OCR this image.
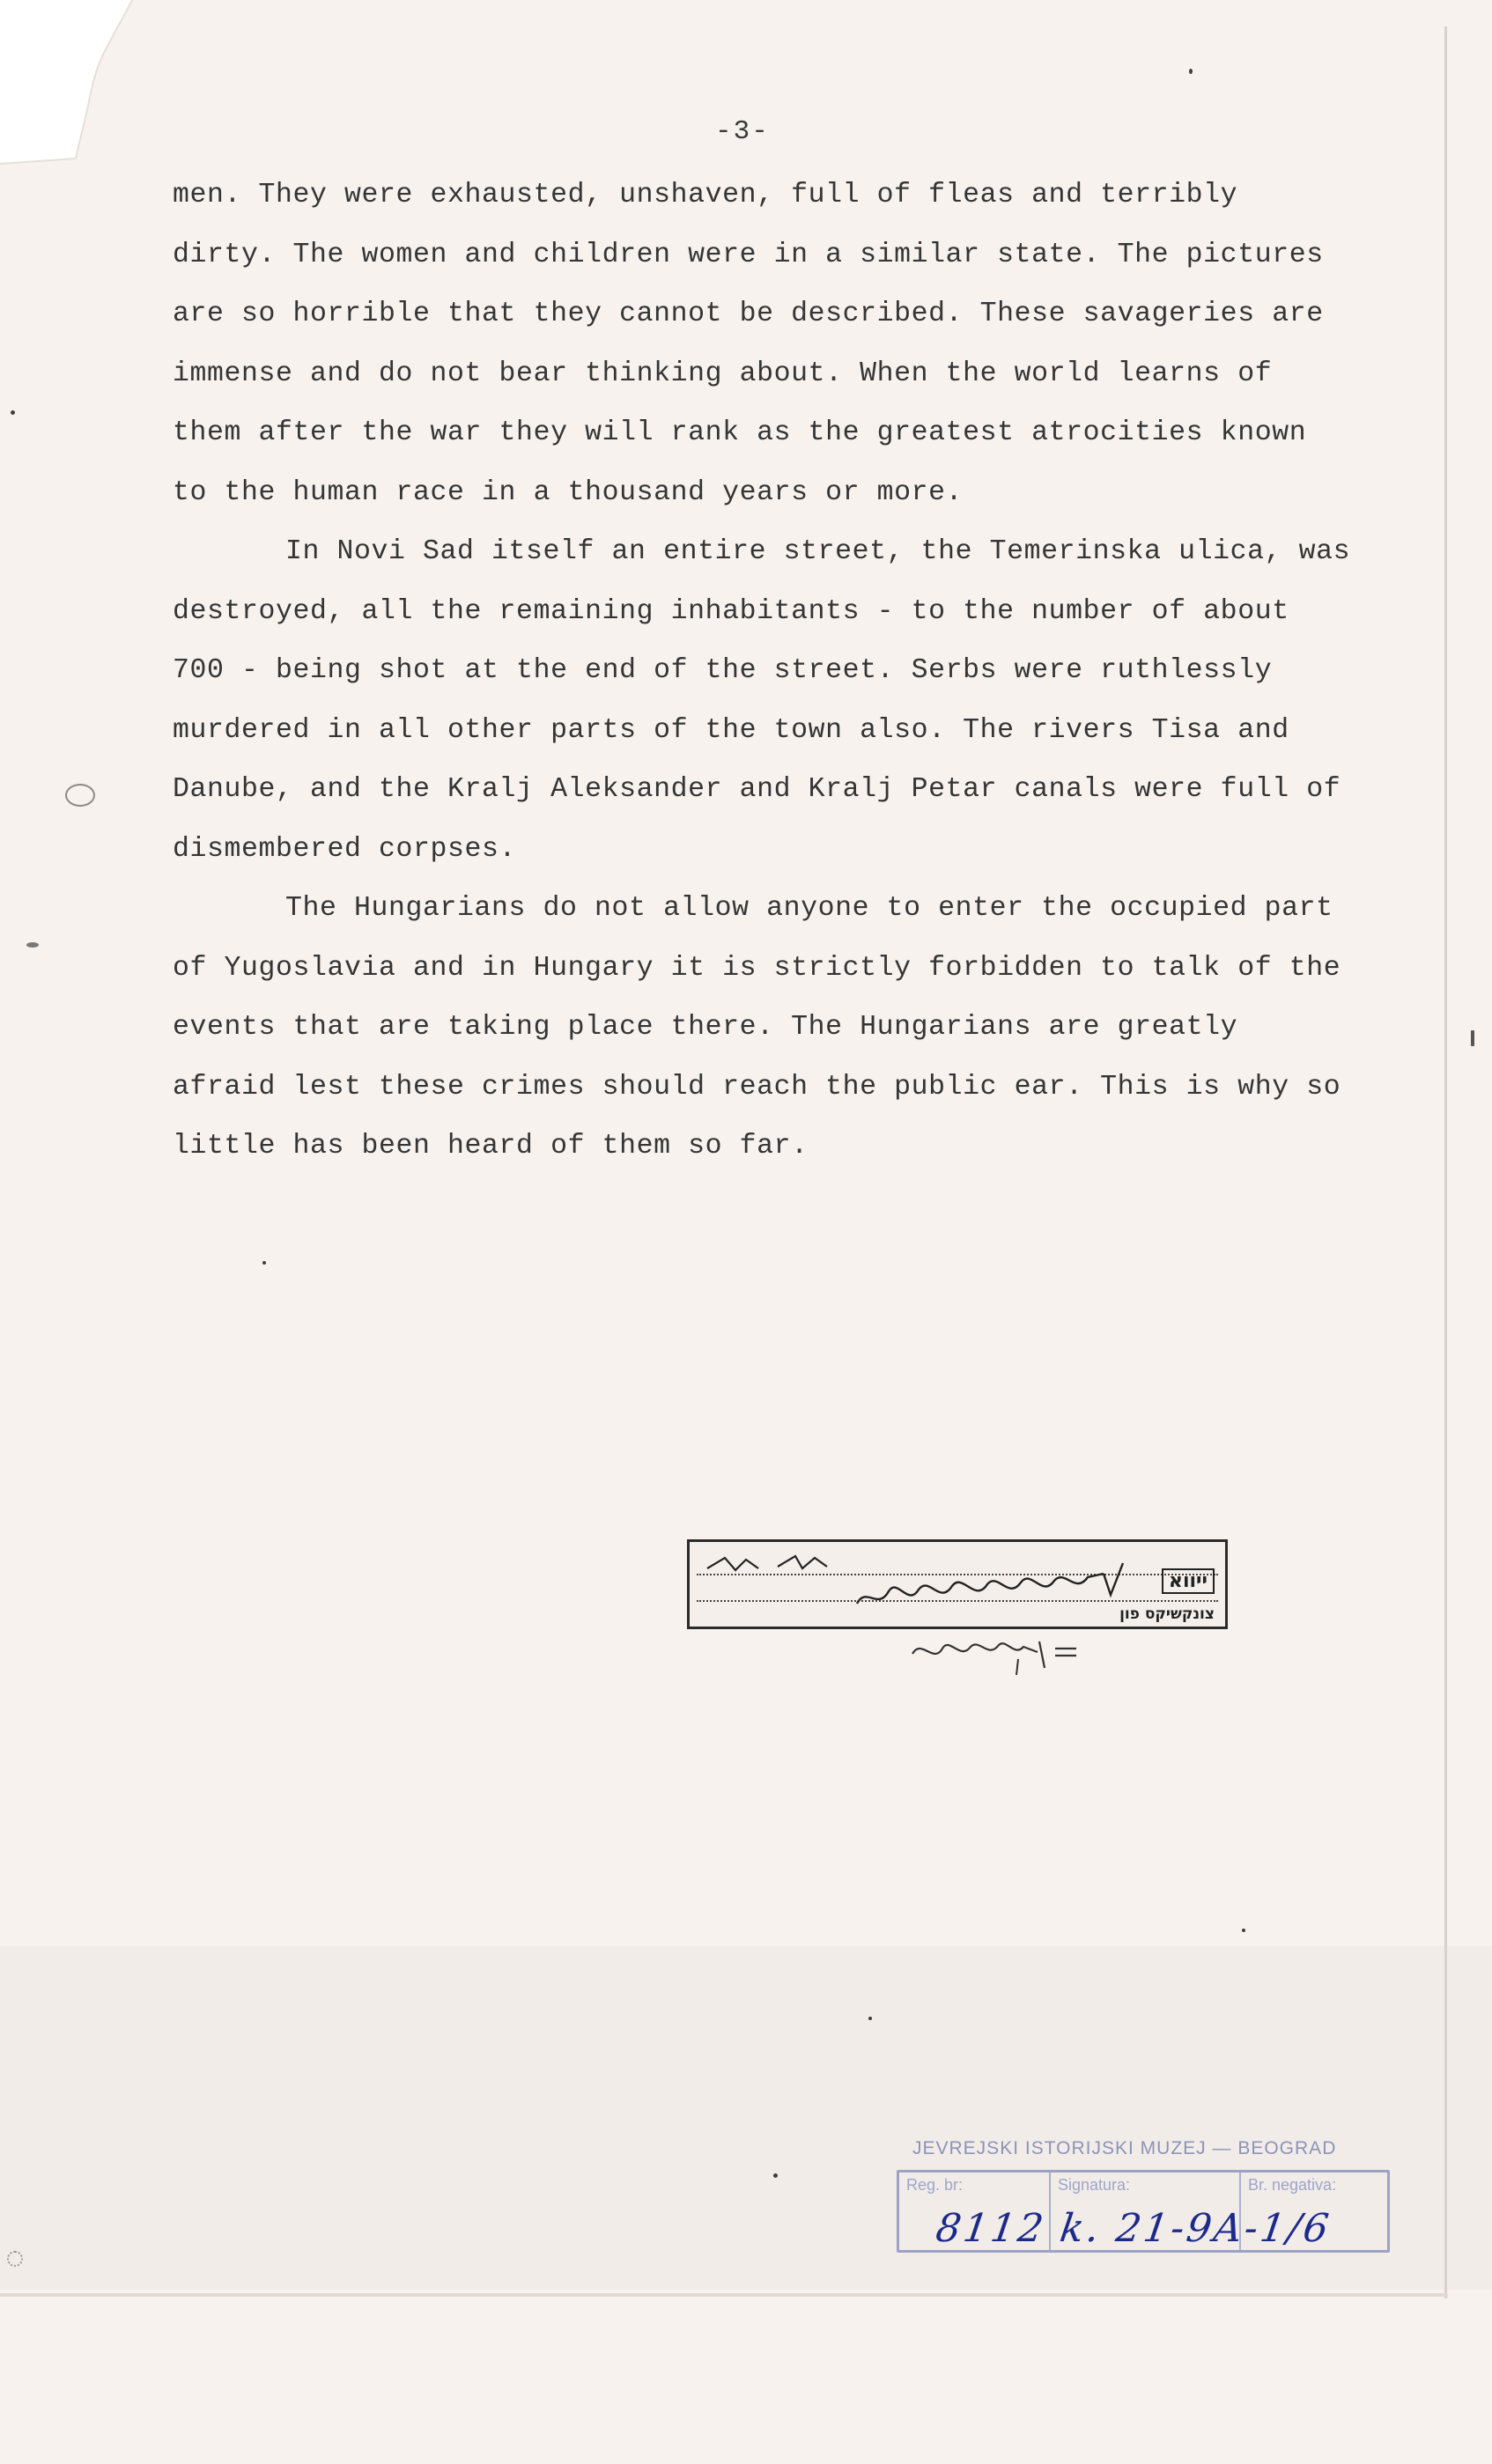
-3-

men. They were exhausted, unshaven, full of fleas and terribly dirty. The women and children were in a similar state. The pictures are so horrible that they cannot be described. These savageries are immense and do not bear thinking about. When the world learns of them after the war they will rank as the greatest atrocities known to the human race in a thousand years or more.

In Novi Sad itself an entire street, the Temerinska ulica, was destroyed, all the remaining inhabitants - to the number of about 700 - being shot at the end of the street. Serbs were ruthlessly murdered in all other parts of the town also. The rivers Tisa and Danube, and the Kralj Aleksander and Kralj Petar canals were full of dismembered corpses.

The Hungarians do not allow anyone to enter the occupied part of Yugoslavia and in Hungary it is strictly forbidden to talk of the events that are taking place there. The Hungarians are greatly afraid lest these crimes should reach the public ear. This is why so little has been heard of them so far.

ייווא
צונקשיקס פון
JEVREJSKI ISTORIJSKI MUZEJ — BEOGRAD
Reg. br:	Signatura:	Br. negativa:
8112 k. 21-9A-1/6
